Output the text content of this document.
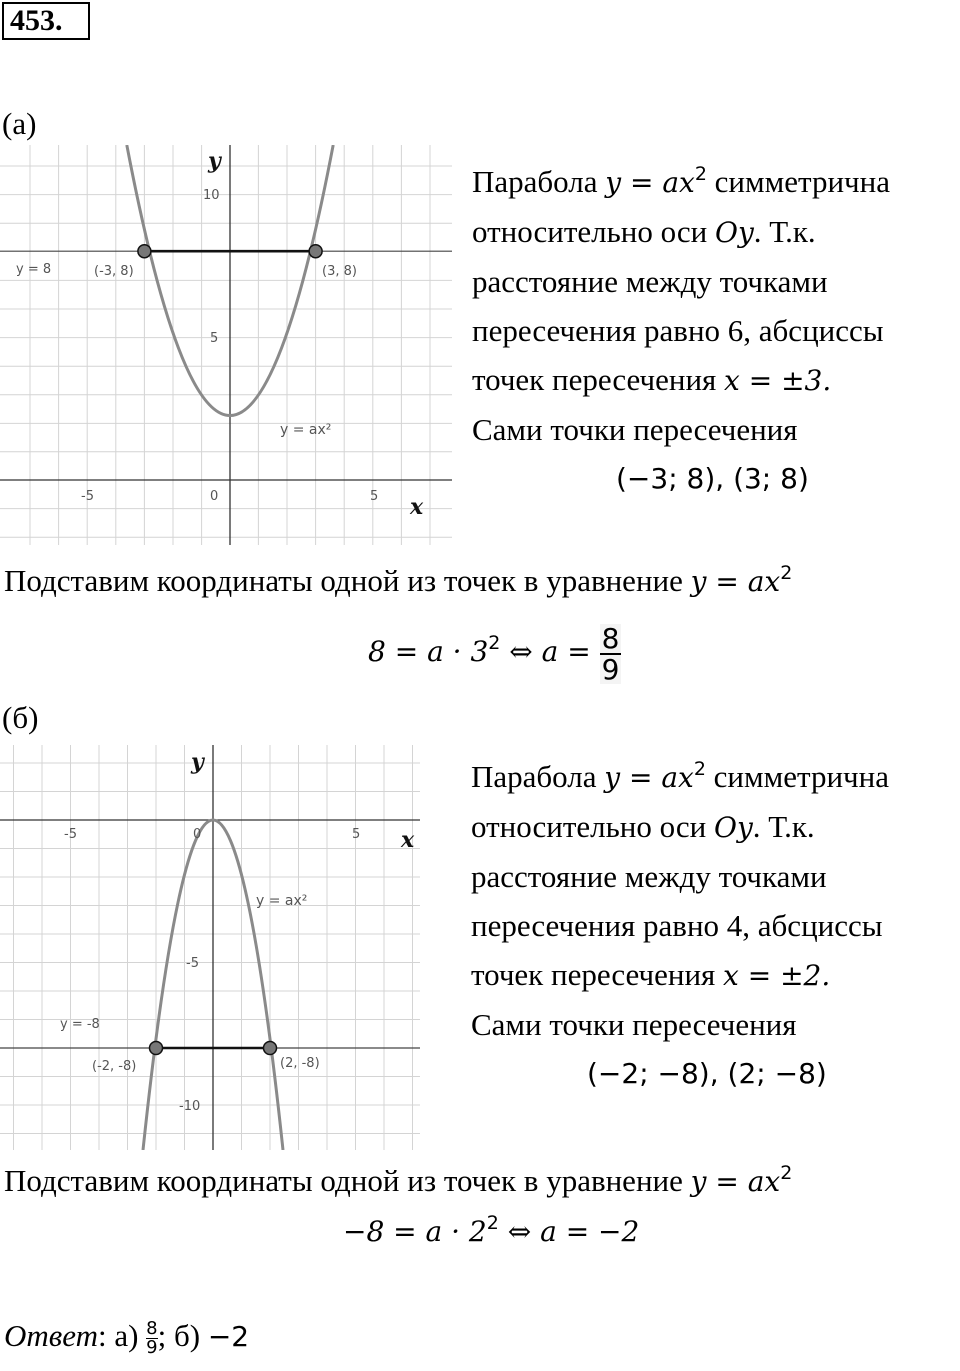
453.
(а)
-5	0	5
10
5
y = 8	(-3, 8)	(3, 8)
y = ax²
y
x
Парабола $y = ax^2$ симметрична
относительно оси Oy. Т.к.
расстояние между точками
пересечения равно 6, абсциссы
точек пересечения x = ±3.
Сами точки пересечения
(−3; 8), (3; 8)
Подставим координаты одной из точек в уравнение $y = ax^2$
$8 = a \cdot 3^2$ ⇔ $a = \frac{8}{9}$
(б)
-5	0	5
-5
-10
y = -8
(-2, -8)	(2, -8)
y = ax²
y
x
Парабола $y = ax^2$ симметрична
относительно оси Oy. Т.к.
расстояние между точками
пересечения равно 4, абсциссы
точек пересечения x = ±2.
Сами точки пересечения
(−2; −8), (2; −8)
Подставим координаты одной из точек в уравнение $y = ax^2$
$-8 = a \cdot 2^2$ ⇔ a = −2
Ответ: $а) \frac{8}{9}$ ; б) −2
